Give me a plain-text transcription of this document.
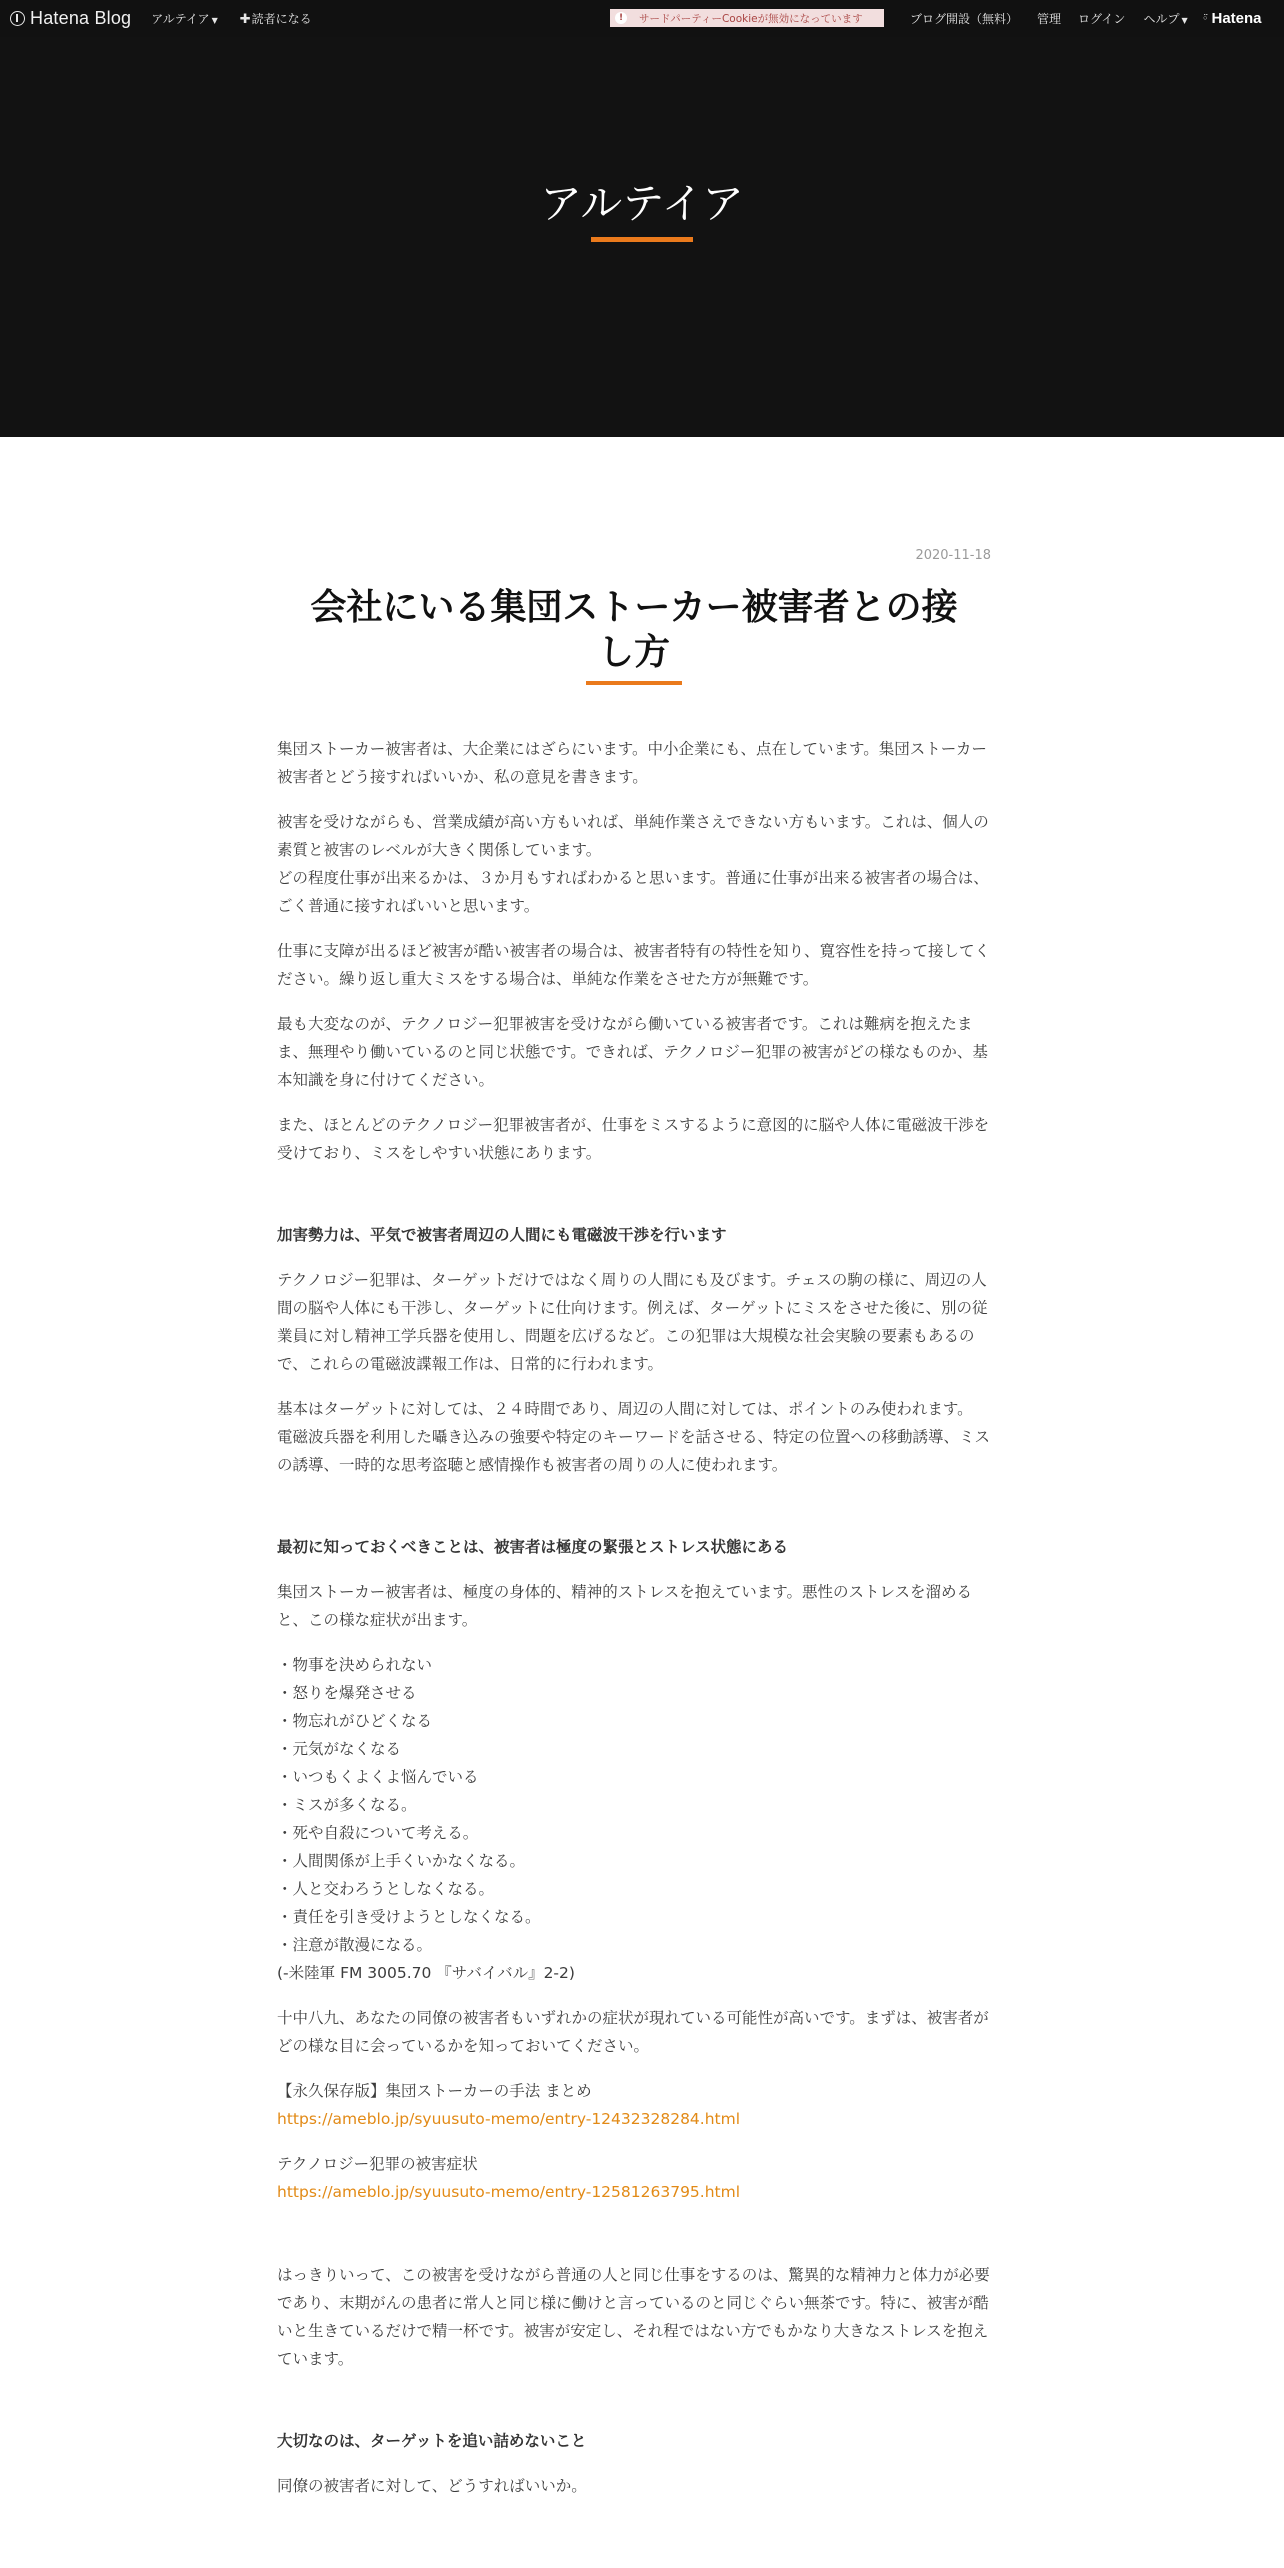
Hatena Blog アルテイア ▼ ✚読者になる	!	サードパーティーCookieが無効になっています	ブログ開設（無料） 管理 ログイン ヘルプ ▼ ◦̈ Hatena
アルテイア
2020-11-18
会社にいる集団ストーカー被害者との接
し方

集団ストーカー被害者は、大企業にはざらにいます。中小企業にも、点在しています。集団ストーカー被害者とどう接すればいいか、私の意見を書きます。

被害を受けながらも、営業成績が高い方もいれば、単純作業さえできない方もいます。これは、個人の素質と被害のレベルが大きく関係しています。
どの程度仕事が出来るかは、３か月もすればわかると思います。普通に仕事が出来る被害者の場合は、ごく普通に接すればいいと思います。

仕事に支障が出るほど被害が酷い被害者の場合は、被害者特有の特性を知り、寛容性を持って接してください。繰り返し重大ミスをする場合は、単純な作業をさせた方が無難です。

最も大変なのが、テクノロジー犯罪被害を受けながら働いている被害者です。これは難病を抱えたまま、無理やり働いているのと同じ状態です。できれば、テクノロジー犯罪の被害がどの様なものか、基本知識を身に付けてください。

また、ほとんどのテクノロジー犯罪被害者が、仕事をミスするように意図的に脳や人体に電磁波干渉を受けており、ミスをしやすい状態にあります。

加害勢力は、平気で被害者周辺の人間にも電磁波干渉を行います

テクノロジー犯罪は、ターゲットだけではなく周りの人間にも及びます。チェスの駒の様に、周辺の人間の脳や人体にも干渉し、ターゲットに仕向けます。例えば、ターゲットにミスをさせた後に、別の従業員に対し精神工学兵器を使用し、問題を広げるなど。この犯罪は大規模な社会実験の要素もあるので、これらの電磁波諜報工作は、日常的に行われます。

基本はターゲットに対しては、２４時間であり、周辺の人間に対しては、ポイントのみ使われます。
電磁波兵器を利用した囁き込みの強要や特定のキーワードを話させる、特定の位置への移動誘導、ミスの誘導、一時的な思考盗聴と感情操作も被害者の周りの人に使われます。

最初に知っておくべきことは、被害者は極度の緊張とストレス状態にある

集団ストーカー被害者は、極度の身体的、精神的ストレスを抱えています。悪性のストレスを溜めると、この様な症状が出ます。

・物事を決められない
・怒りを爆発させる
・物忘れがひどくなる
・元気がなくなる
・いつもくよくよ悩んでいる
・ミスが多くなる。
・死や自殺について考える。
・人間関係が上手くいかなくなる。
・人と交わろうとしなくなる。
・責任を引き受けようとしなくなる。
・注意が散漫になる。
(-米陸軍 FM 3005.70 『サバイバル』2-2)

十中八九、あなたの同僚の被害者もいずれかの症状が現れている可能性が高いです。まずは、被害者がどの様な目に会っているかを知っておいてください。

【永久保存版】集団ストーカーの手法 まとめ
https://ameblo.jp/syuusuto-memo/entry-12432328284.html

テクノロジー犯罪の被害症状
https://ameblo.jp/syuusuto-memo/entry-12581263795.html

はっきりいって、この被害を受けながら普通の人と同じ仕事をするのは、驚異的な精神力と体力が必要であり、末期がんの患者に常人と同じ様に働けと言っているのと同じぐらい無茶です。特に、被害が酷いと生きているだけで精一杯です。被害が安定し、それ程ではない方でもかなり大きなストレスを抱えています。

大切なのは、ターゲットを追い詰めないこと

同僚の被害者に対して、どうすればいいか。
